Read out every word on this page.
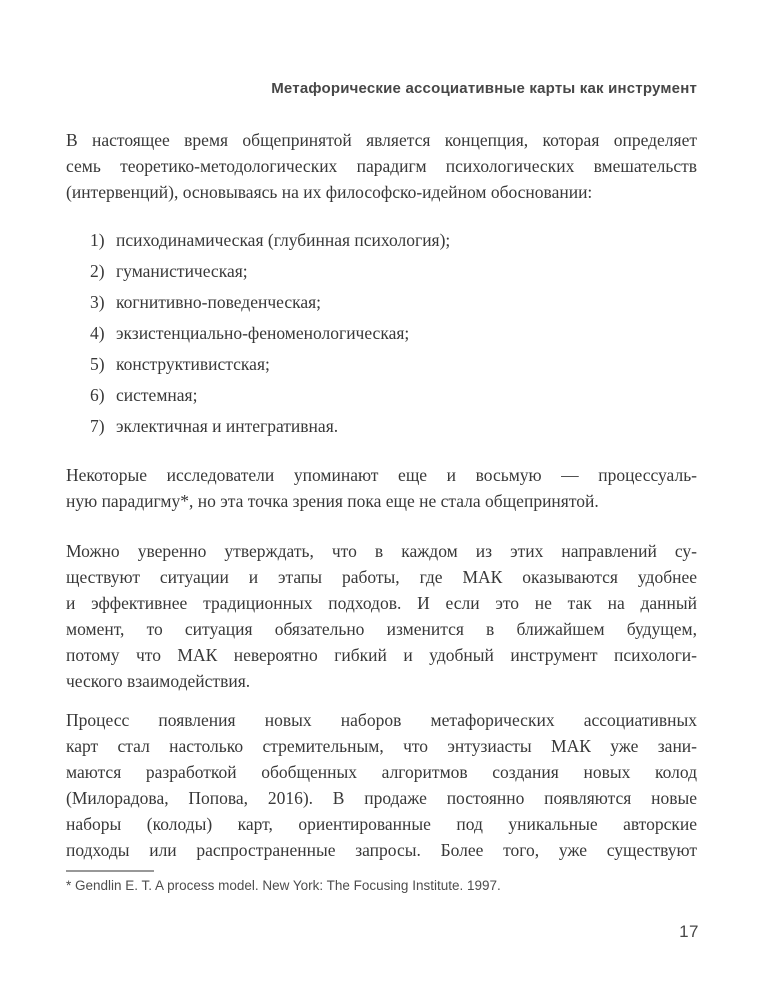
Метафорические ассоциативные карты как инструмент
В настоящее время общепринятой является концепция, которая определяет
семь теоретико-методологических парадигм психологических вмешательств
(интервенций), основываясь на их философско-идейном обосновании:
1) психодинамическая (глубинная психология);
2) гуманистическая;
3) когнитивно-поведенческая;
4) экзистенциально-феноменологическая;
5) конструктивистская;
6) системная;
7) эклектичная и интегративная.
Некоторые исследователи упоминают еще и восьмую — процессуаль-
ную парадигму*, но эта точка зрения пока еще не стала общепринятой.
Можно уверенно утверждать, что в каждом из этих направлений су-
ществуют ситуации и этапы работы, где МАК оказываются удобнее
и эффективнее традиционных подходов. И если это не так на данный
момент, то ситуация обязательно изменится в ближайшем будущем,
потому что МАК невероятно гибкий и удобный инструмент психологи-
ческого взаимодействия.
Процесс появления новых наборов метафорических ассоциативных
карт стал настолько стремительным, что энтузиасты МАК уже зани-
маются разработкой обобщенных алгоритмов создания новых колод
(Милорадова, Попова, 2016). В продаже постоянно появляются новые
наборы (колоды) карт, ориентированные под уникальные авторские
подходы или распространенные запросы. Более того, уже существуют
* Gendlin E. T. A process model. New York: The Focusing Institute. 1997.
17
